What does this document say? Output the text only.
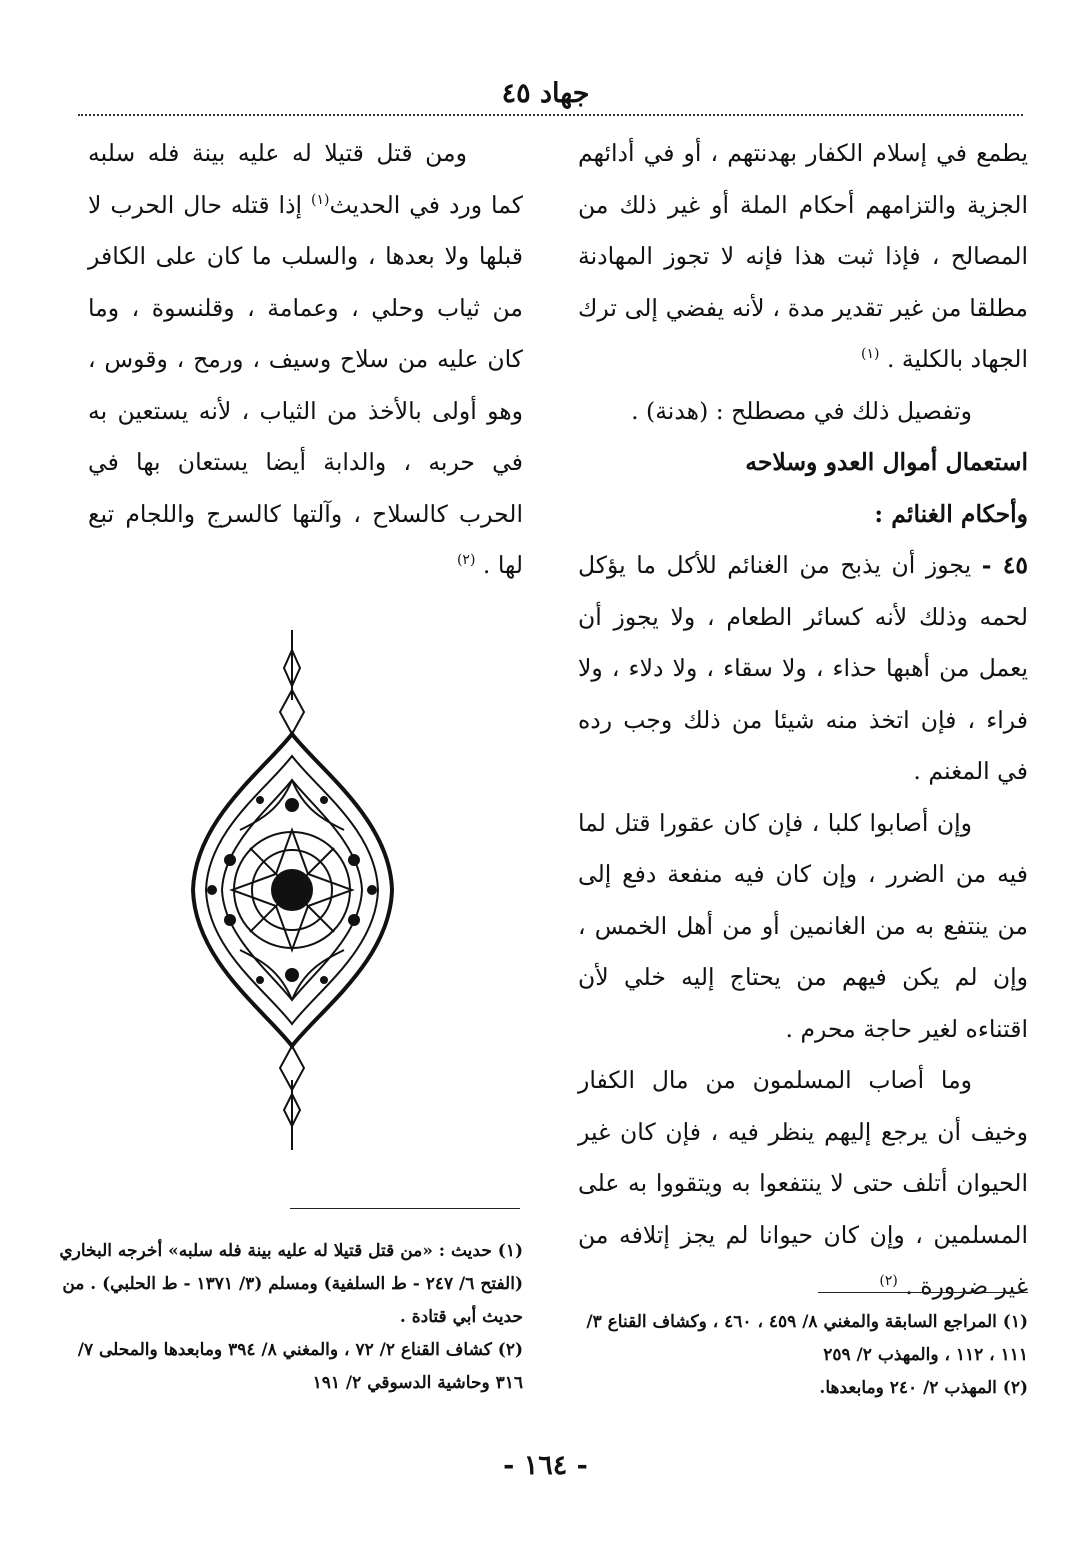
جهاد ٤٥

يطمع في إسلام الكفار بهدنتهم ، أو في أدائهم الجزية والتزامهم أحكام الملة أو غير ذلك من المصالح ، فإذا ثبت هذا فإنه لا تجوز المهادنة مطلقا من غير تقدير مدة ، لأنه يفضي إلى ترك الجهاد بالكلية . $^{(١)}$

وتفصيل ذلك في مصطلح : (هدنة) .

استعمال أموال العدو وسلاحه

وأحكام الغنائم :

٤٥ - يجوز أن يذبح من الغنائم للأكل ما يؤكل لحمه وذلك لأنه كسائر الطعام ، ولا يجوز أن يعمل من أهبها حذاء ، ولا سقاء ، ولا دلاء ، ولا فراء ، فإن اتخذ منه شيئا من ذلك وجب رده في المغنم .

وإن أصابوا كلبا ، فإن كان عقورا قتل لما فيه من الضرر ، وإن كان فيه منفعة دفع إلى من ينتفع به من الغانمين أو من أهل الخمس ، وإن لم يكن فيهم من يحتاج إليه خلي لأن اقتناءه لغير حاجة محرم .

وما أصاب المسلمون من مال الكفار وخيف أن يرجع إليهم ينظر فيه ، فإن كان غير الحيوان أتلف حتى لا ينتفعوا به ويتقووا به على المسلمين ، وإن كان حيوانا لم يجز إتلافه من غير ضرورة . $^{(٢)}$

ومن قتل قتيلا له عليه بينة فله سلبه كما ورد في الحديث$^{(١)}$ إذا قتله حال الحرب لا قبلها ولا بعدها ، والسلب ما كان على الكافر من ثياب وحلي ، وعمامة ، وقلنسوة ، وما كان عليه من سلاح وسيف ، ورمح ، وقوس ، وهو أولى بالأخذ من الثياب ، لأنه يستعين به في حربه ، والدابة أيضا يستعان بها في الحرب كالسلاح ، وآلتها كالسرج واللجام تبع لها . $^{(٢)}$

(١) المراجع السابقة والمغني ٨/ ٤٥٩ ، ٤٦٠ ، وكشاف القناع ٣/ ١١١ ، ١١٢ ، والمهذب ٢/ ٢٥٩

(٢) المهذب ٢/ ٢٤٠ ومابعدها.

(١) حديث : «من قتل قتيلا له عليه بينة فله سلبه» أخرجه البخاري (الفتح ٦/ ٢٤٧ - ط السلفية) ومسلم (٣/ ١٣٧١ - ط الحلبي) . من حديث أبي قتادة .

(٢) كشاف القناع ٢/ ٧٢ ، والمغني ٨/ ٣٩٤ ومابعدها والمحلى ٧/ ٣١٦ وحاشية الدسوقي ٢/ ١٩١

- ١٦٤ -
